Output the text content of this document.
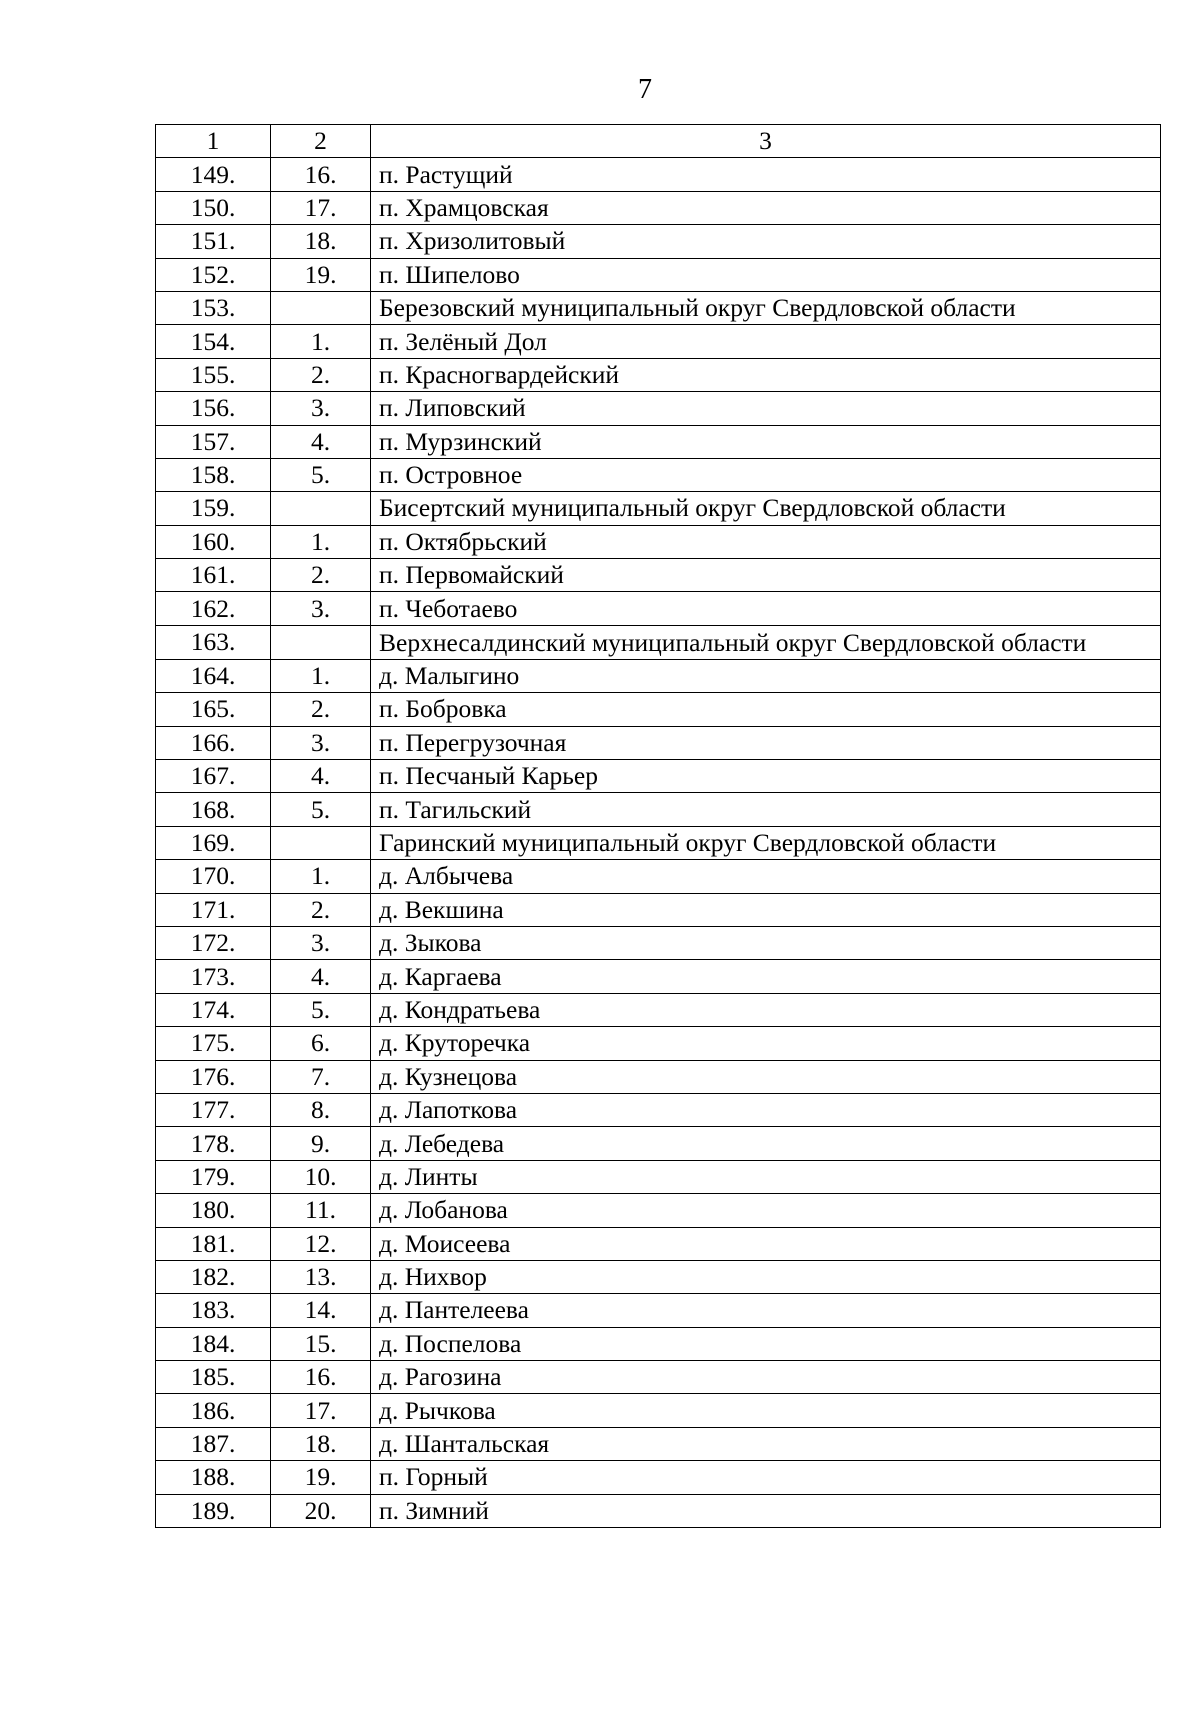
7
1	2	3
149.	16.	п. Растущий
150.	17.	п. Храмцовская
151.	18.	п. Хризолитовый
152.	19.	п. Шипелово
153.		Березовский муниципальный округ Свердловской области
154.	1.	п. Зелёный Дол
155.	2.	п. Красногвардейский
156.	3.	п. Липовский
157.	4.	п. Мурзинский
158.	5.	п. Островное
159.		Бисертский муниципальный округ Свердловской области
160.	1.	п. Октябрьский
161.	2.	п. Первомайский
162.	3.	п. Чеботаево
163.		Верхнесалдинский муниципальный округ Свердловской области
164.	1.	д. Малыгино
165.	2.	п. Бобровка
166.	3.	п. Перегрузочная
167.	4.	п. Песчаный Карьер
168.	5.	п. Тагильский
169.		Гаринский муниципальный округ Свердловской области
170.	1.	д. Албычева
171.	2.	д. Векшина
172.	3.	д. Зыкова
173.	4.	д. Каргаева
174.	5.	д. Кондратьева
175.	6.	д. Круторечка
176.	7.	д. Кузнецова
177.	8.	д. Лапоткова
178.	9.	д. Лебедева
179.	10.	д. Линты
180.	11.	д. Лобанова
181.	12.	д. Моисеева
182.	13.	д. Нихвор
183.	14.	д. Пантелеева
184.	15.	д. Поспелова
185.	16.	д. Рагозина
186.	17.	д. Рычкова
187.	18.	д. Шантальская
188.	19.	п. Горный
189.	20.	п. Зимний
